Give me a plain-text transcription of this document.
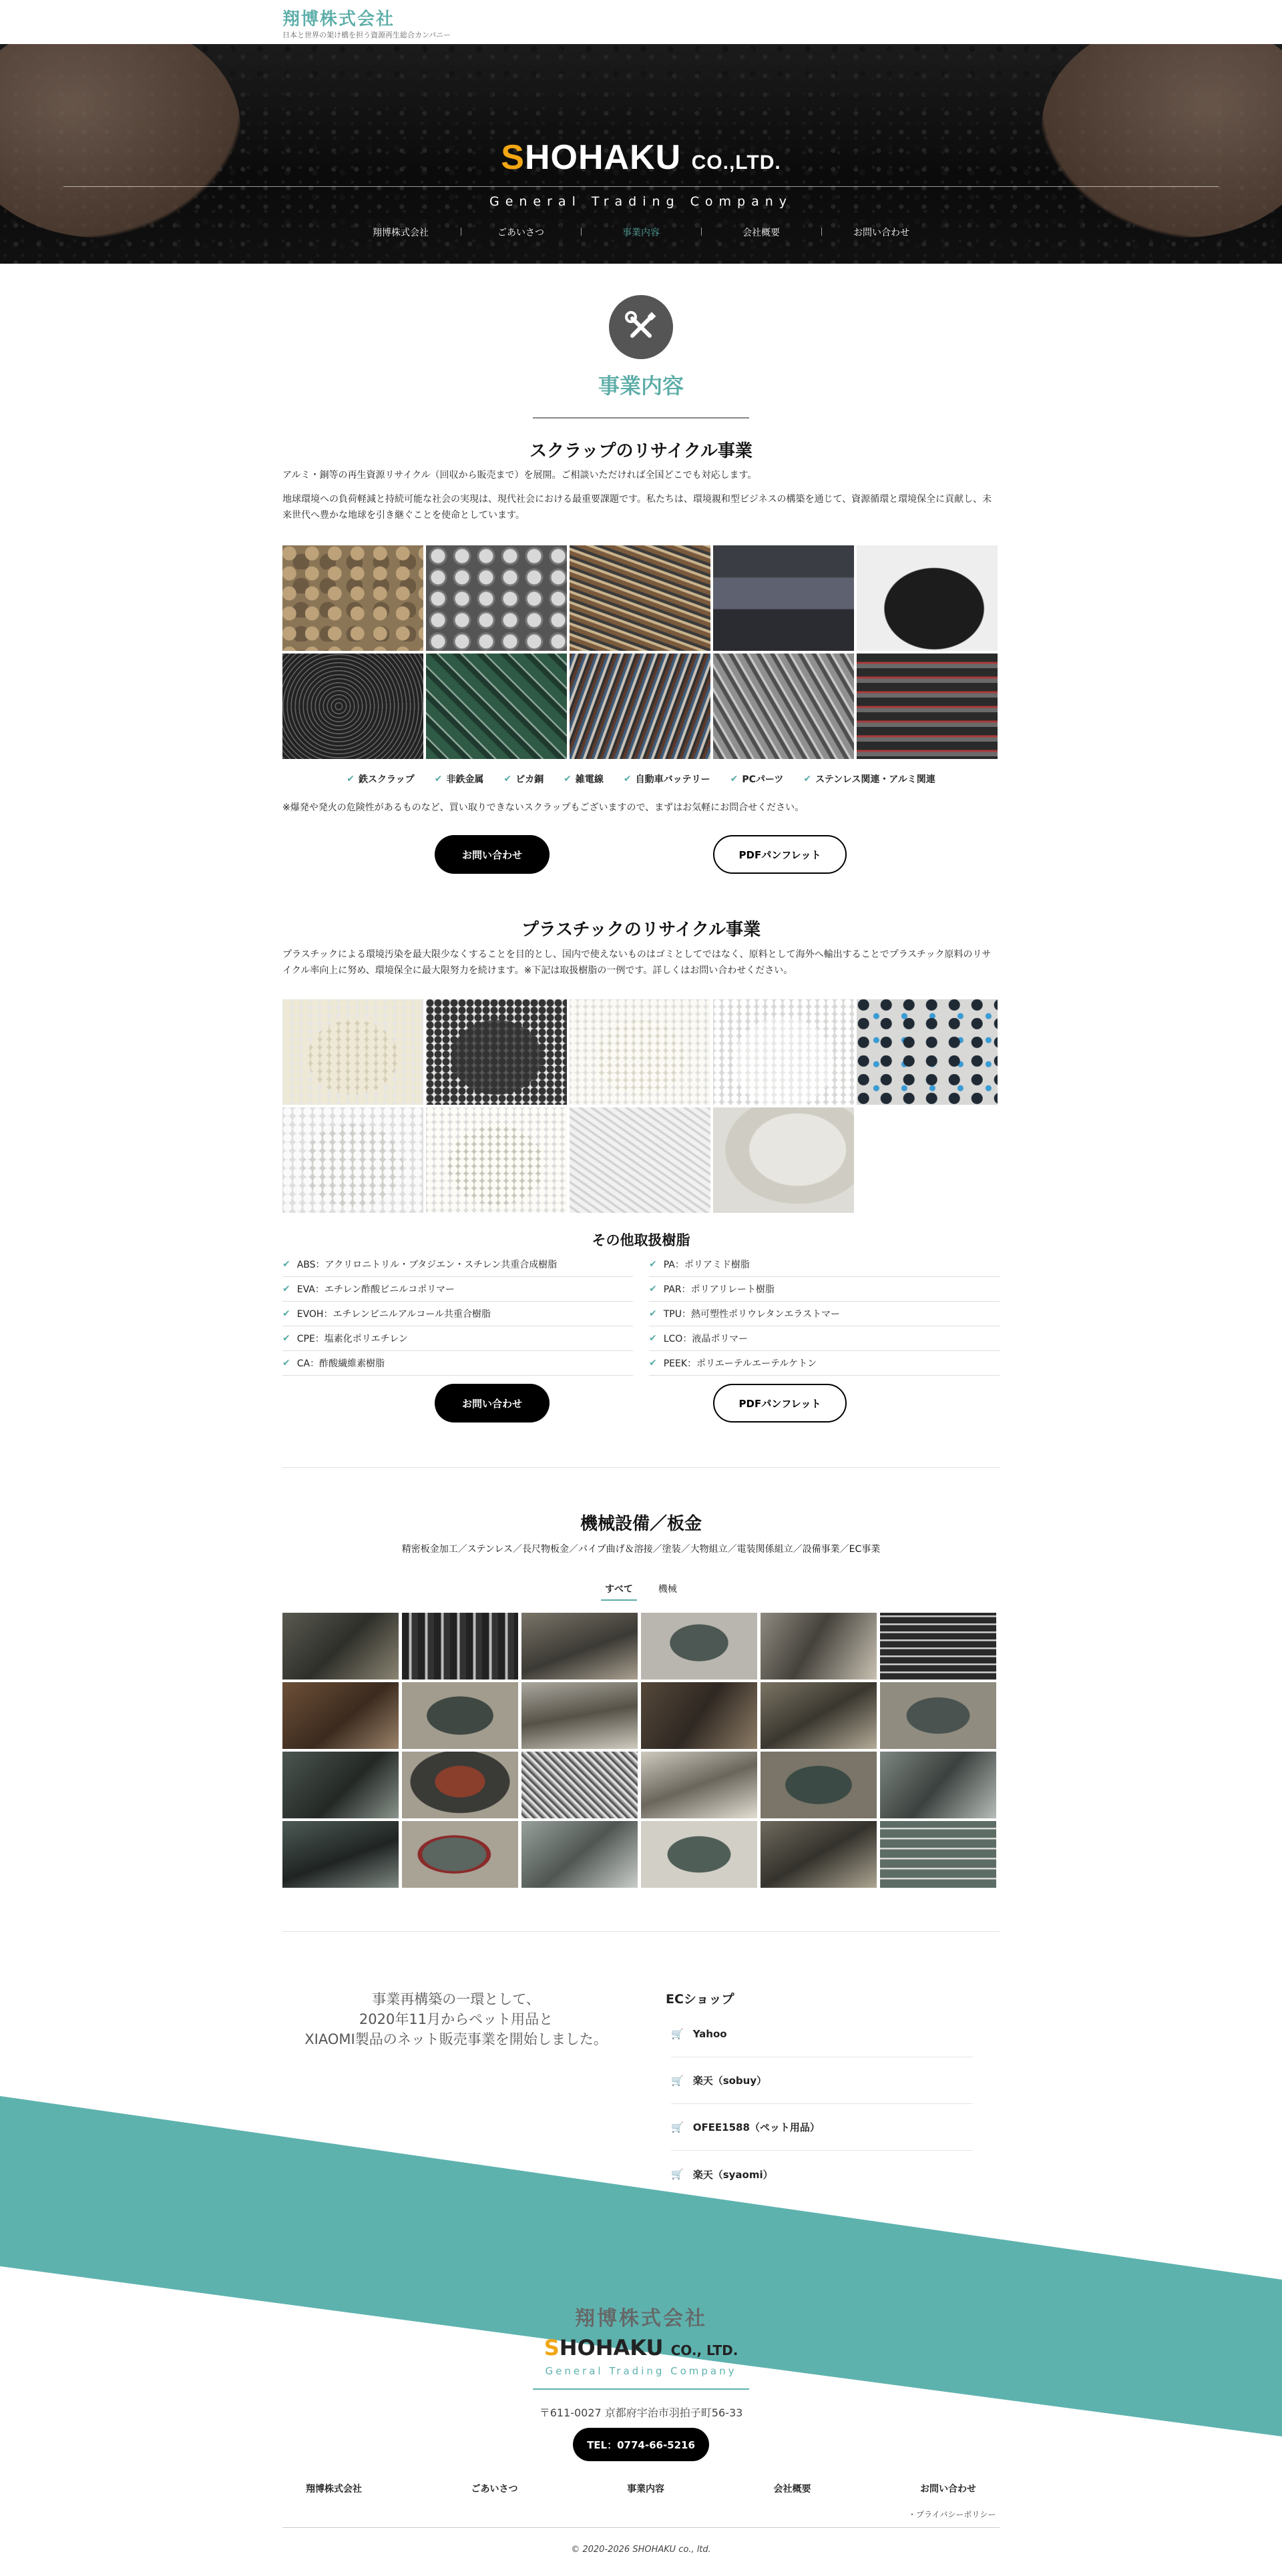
翔博株式会社
日本と世界の架け橋を担う資源再生総合カンパニー
SHOHAKU CO.,LTD.
General Trading Company
翔博株式会社	ごあいさつ	事業内容	会社概要	お問い合わせ
事業内容
スクラップのリサイクル事業
アルミ・銅等の再生資源リサイクル（回収から販売まで）を展開。ご相談いただければ全国どこでも対応します。
地球環境への負荷軽減と持続可能な社会の実現は、現代社会における最重要課題です。私たちは、環境親和型ビジネスの構築を通じて、資源循環と環境保全に貢献し、未来世代へ豊かな地球を引き継ぐことを使命としています。
✔ 鉄スクラップ ✔ 非鉄金属 ✔ ピカ銅 ✔ 雑電線 ✔ 自動車バッテリー ✔ PCパーツ ✔ ステンレス関連・アルミ関連
※爆発や発火の危険性があるものなど、買い取りできないスクラップもございますので、まずはお気軽にお問合せください。
お問い合わせ	PDFパンフレット
プラスチックのリサイクル事業
プラスチックによる環境汚染を最大限少なくすることを目的とし、国内で使えないものはゴミとしてではなく、原料として海外へ輸出することでプラスチック原料のリサイクル率向上に努め、環境保全に最大限努力を続けます。※下記は取扱樹脂の一例です。詳しくはお問い合わせください。
その他取扱樹脂
✔ ABS：アクリロニトリル・ブタジエン・スチレン共重合成樹脂
✔ EVA：エチレン酢酸ビニルコポリマー
✔ EVOH：エチレンビニルアルコール共重合樹脂
✔ CPE：塩素化ポリエチレン
✔ CA：酢酸繊維素樹脂
✔ PA：ポリアミド樹脂
✔ PAR：ポリアリレート樹脂
✔ TPU：熱可塑性ポリウレタンエラストマー
✔ LCO：液晶ポリマー
✔ PEEK：ポリエーテルエーテルケトン
お問い合わせ	PDFパンフレット
機械設備／板金
精密板金加工／ステンレス／長尺物板金／パイプ曲げ＆溶接／塗装／大物組立／電装関係組立／設備事業／EC事業
すべて	機械
事業再構築の一環として、
2020年11月からペット用品と
XIAOMI製品のネット販売事業を開始しました。
ECショップ
🛒 Yahoo
🛒 楽天（sobuy）
🛒 OFEE1588（ペット用品）
🛒 楽天（syaomi）
翔博株式会社
SHOHAKU CO., LTD.
General Trading Company
〒611-0027 京都府宇治市羽拍子町56-33
TEL：0774-66-5216
翔博株式会社	ごあいさつ	事業内容	会社概要	お問い合わせ
・プライバシーポリシー
© 2020-2026 SHOHAKU co., ltd.
